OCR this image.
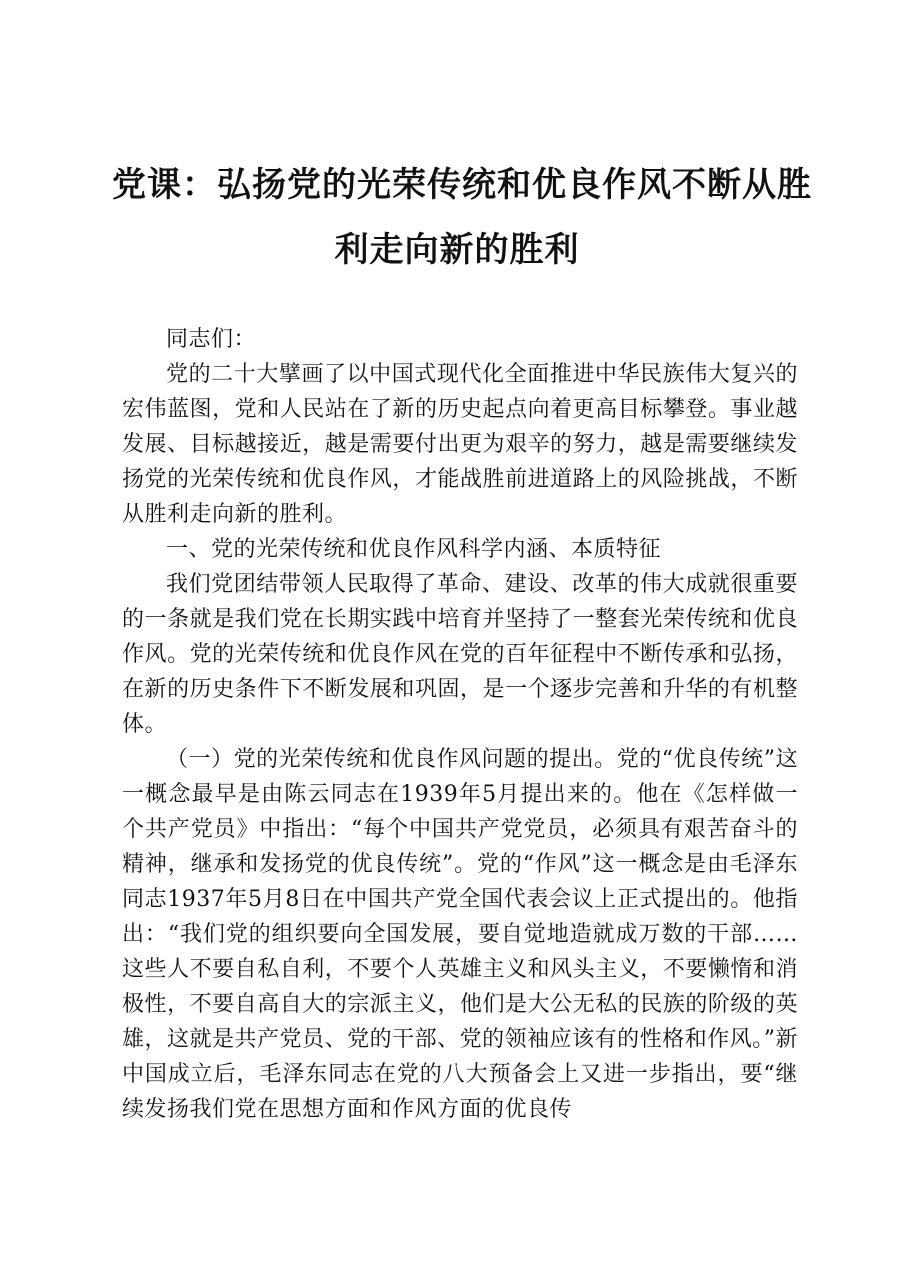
党课：弘扬党的光荣传统和优良作风不断从胜
利走向新的胜利

同志们：

党的二十大擘画了以中国式现代化全面推进中华民族伟大复兴的宏伟蓝图，党和人民站在了新的历史起点向着更高目标攀登。事业越发展、目标越接近，越是需要付出更为艰辛的努力，越是需要继续发扬党的光荣传统和优良作风，才能战胜前进道路上的风险挑战，不断从胜利走向新的胜利。

一、党的光荣传统和优良作风科学内涵、本质特征

我们党团结带领人民取得了革命、建设、改革的伟大成就很重要的一条就是我们党在长期实践中培育并坚持了一整套光荣传统和优良作风。党的光荣传统和优良作风在党的百年征程中不断传承和弘扬，在新的历史条件下不断发展和巩固，是一个逐步完善和升华的有机整体。

（一）党的光荣传统和优良作风问题的提出。党的“优良传统”这一概念最早是由陈云同志在1939年5月提出来的。他在《怎样做一个共产党员》中指出：“每个中国共产党党员，必须具有艰苦奋斗的精神，继承和发扬党的优良传统”。党的“作风”这一概念是由毛泽东同志1937年5月8日在中国共产党全国代表会议上正式提出的。他指出：“我们党的组织要向全国发展，要自觉地造就成万数的干部……这些人不要自私自利，不要个人英雄主义和风头主义，不要懒惰和消极性，不要自高自大的宗派主义，他们是大公无私的民族的阶级的英雄，这就是共产党员、党的干部、党的领袖应该有的性格和作风。”新中国成立后，毛泽东同志在党的八大预备会上又进一步指出，要“继续发扬我们党在思想方面和作风方面的优良传
